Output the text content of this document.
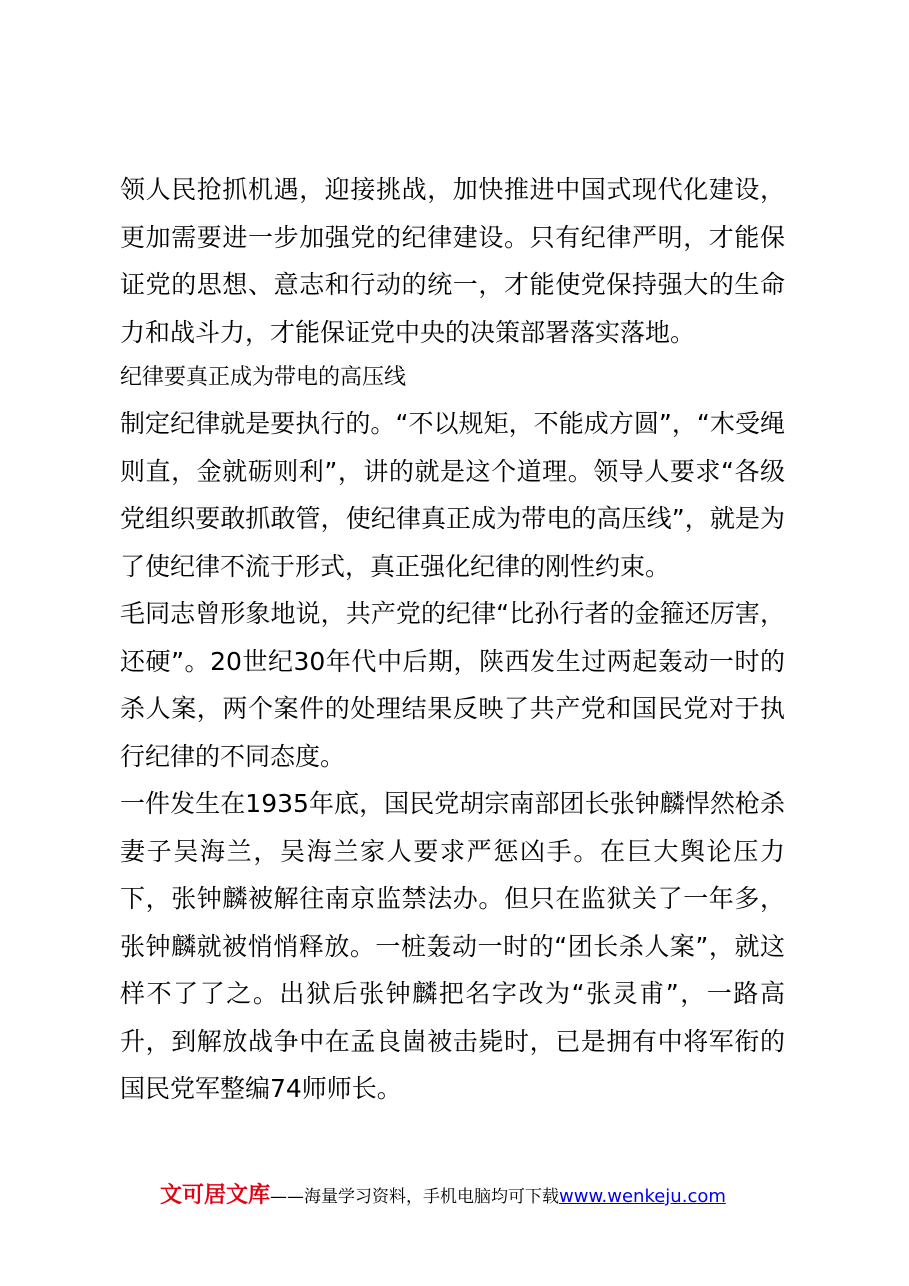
领人民抢抓机遇，迎接挑战，加快推进中国式现代化建设，更加需要进一步加强党的纪律建设。只有纪律严明，才能保证党的思想、意志和行动的统一，才能使党保持强大的生命力和战斗力，才能保证党中央的决策部署落实落地。

纪律要真正成为带电的高压线

制定纪律就是要执行的。“不以规矩，不能成方圆”，“木受绳则直，金就砺则利”，讲的就是这个道理。领导人要求“各级党组织要敢抓敢管，使纪律真正成为带电的高压线”，就是为了使纪律不流于形式，真正强化纪律的刚性约束。

毛同志曾形象地说，共产党的纪律“比孙行者的金箍还厉害，还硬”。20世纪30年代中后期，陕西发生过两起轰动一时的杀人案，两个案件的处理结果反映了共产党和国民党对于执行纪律的不同态度。

一件发生在1935年底，国民党胡宗南部团长张钟麟悍然枪杀妻子吴海兰，吴海兰家人要求严惩凶手。在巨大舆论压力下，张钟麟被解往南京监禁法办。但只在监狱关了一年多，张钟麟就被悄悄释放。一桩轰动一时的“团长杀人案”，就这样不了了之。出狱后张钟麟把名字改为“张灵甫”，一路高升，到解放战争中在孟良崮被击毙时，已是拥有中将军衔的国民党军整编74师师长。

文可居文库——海量学习资料，手机电脑均可下载www.wenkeju.com
